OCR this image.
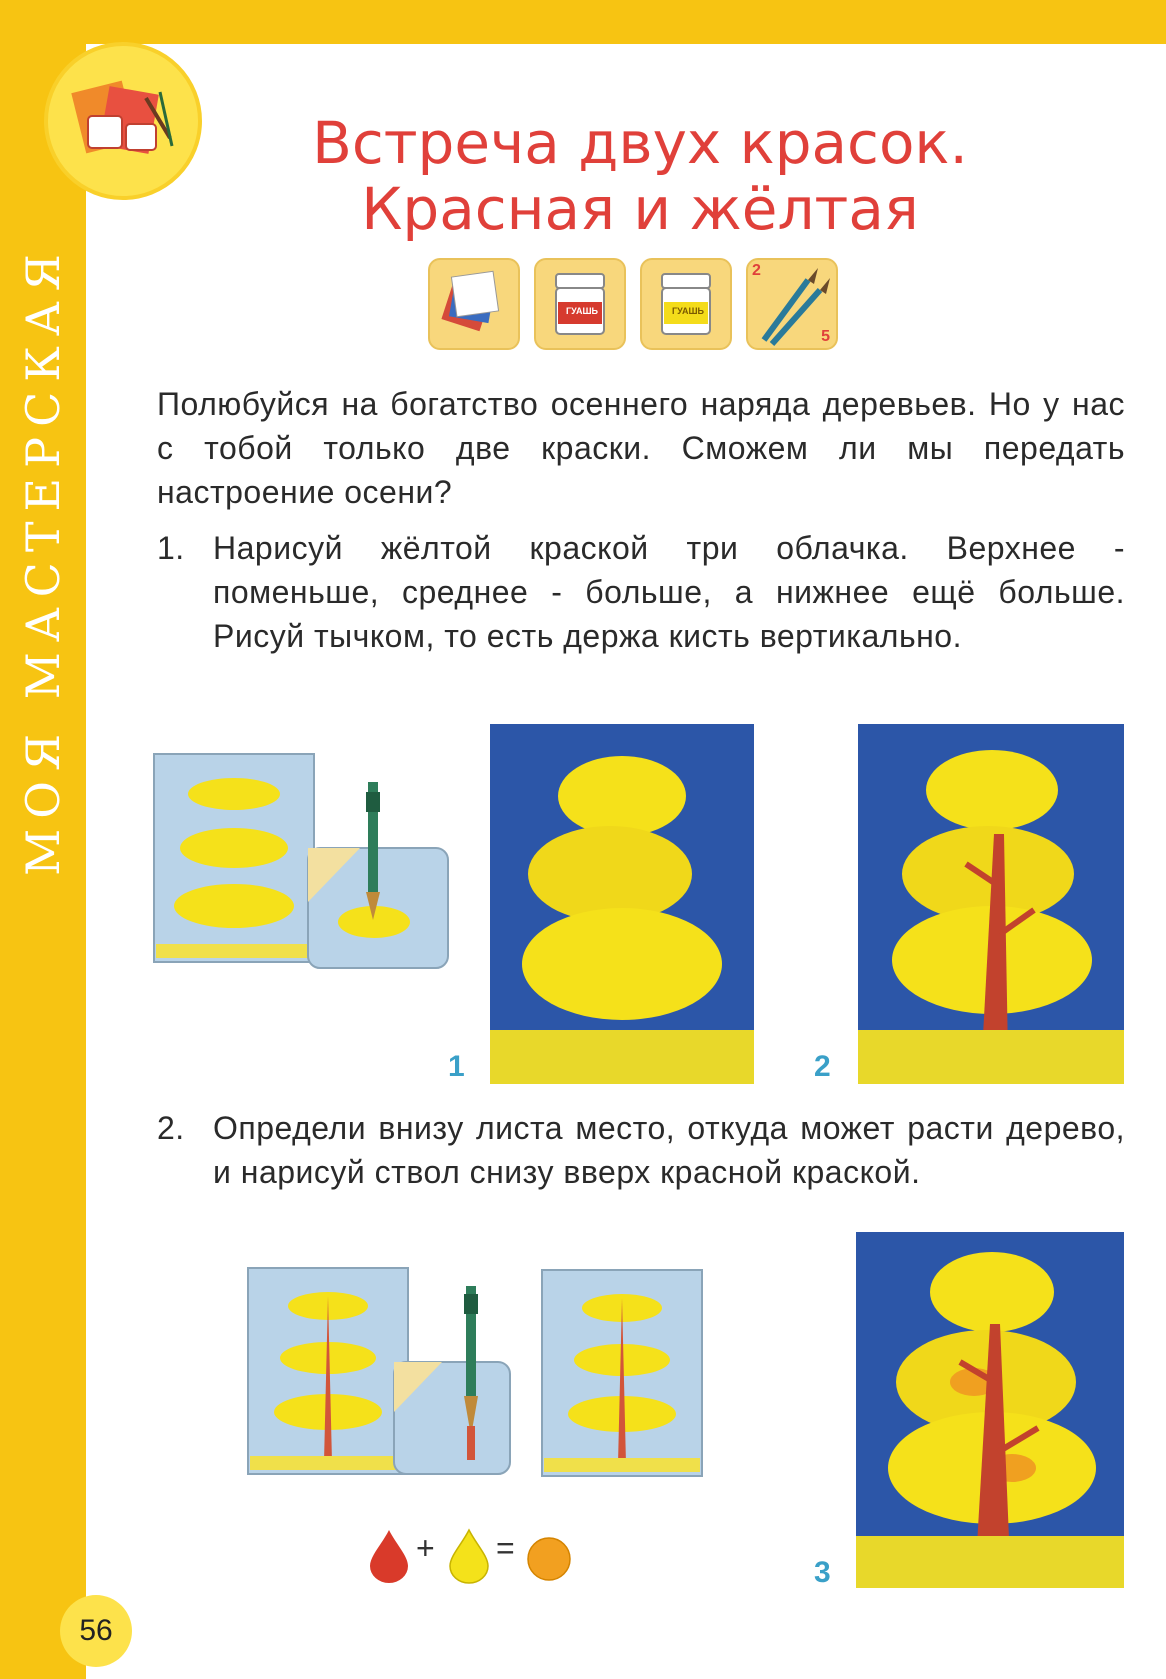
МОЯ МАСТЕРСКАЯ
Встреча двух красок.
Красная и жёлтая
ГУАШЬ	ГУАШЬ
2
5
Полюбуйся на богатство осеннего наряда деревьев. Но у нас с тобой только две краски. Сможем ли мы передать настроение осени?
1. Нарисуй жёлтой краской три облачка. Верхнее - поменьше, среднее - больше, а нижнее ещё больше. Рисуй тычком, то есть держа кисть вертикально.
1	2
2. Определи внизу листа место, откуда может расти дерево, и нарисуй ствол снизу вверх красной краской.
+ =
3
56
